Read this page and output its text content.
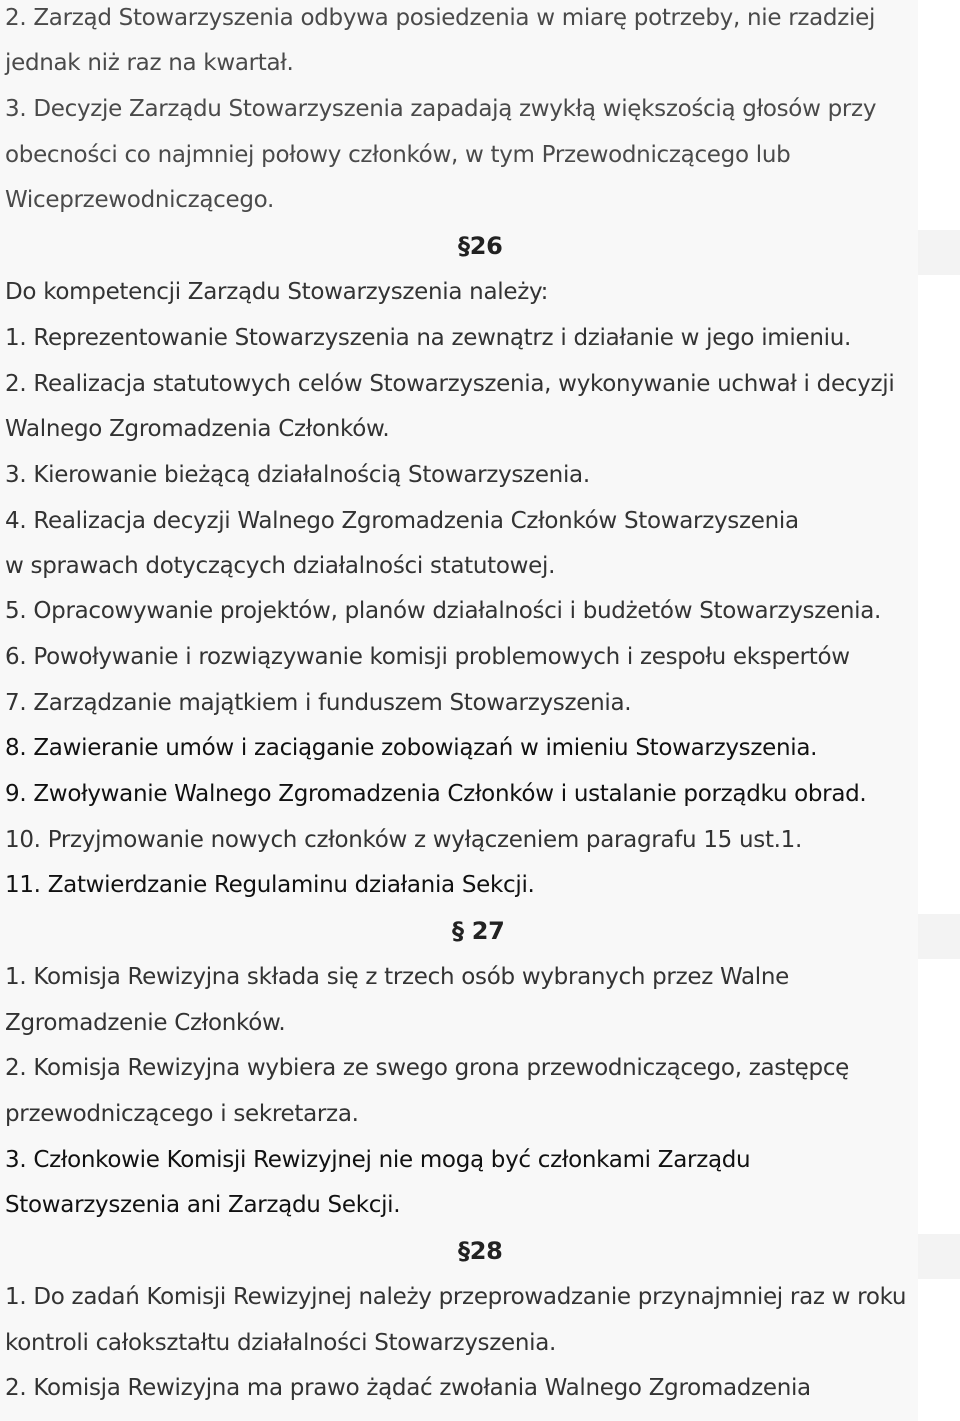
2. Zarząd Stowarzyszenia odbywa posiedzenia w miarę potrzeby, nie rzadziej
jednak niż raz na kwartał.
3. Decyzje Zarządu Stowarzyszenia zapadają zwykłą większością głosów przy
obecności co najmniej połowy członków, w tym Przewodniczącego lub
Wiceprzewodniczącego.
§26
Do kompetencji Zarządu Stowarzyszenia należy:
1. Reprezentowanie Stowarzyszenia na zewnątrz i działanie w jego imieniu.
2. Realizacja statutowych celów Stowarzyszenia, wykonywanie uchwał i decyzji
Walnego Zgromadzenia Członków.
3. Kierowanie bieżącą działalnością Stowarzyszenia.
4. Realizacja decyzji Walnego Zgromadzenia Członków Stowarzyszenia
w sprawach dotyczących działalności statutowej.
5. Opracowywanie projektów, planów działalności i budżetów Stowarzyszenia.
6. Powoływanie i rozwiązywanie komisji problemowych i zespołu ekspertów
7. Zarządzanie majątkiem i funduszem Stowarzyszenia.
8. Zawieranie umów i zaciąganie zobowiązań w imieniu Stowarzyszenia.
9. Zwoływanie Walnego Zgromadzenia Członków i ustalanie porządku obrad.
10. Przyjmowanie nowych członków z wyłączeniem paragrafu 15 ust.1.
11. Zatwierdzanie Regulaminu działania Sekcji.
§ 27
1. Komisja Rewizyjna składa się z trzech osób wybranych przez Walne
Zgromadzenie Członków.
2. Komisja Rewizyjna wybiera ze swego grona przewodniczącego, zastępcę
przewodniczącego i sekretarza.
3. Członkowie Komisji Rewizyjnej nie mogą być członkami Zarządu
Stowarzyszenia ani Zarządu Sekcji.
§28
1. Do zadań Komisji Rewizyjnej należy przeprowadzanie przynajmniej raz w roku
kontroli całokształtu działalności Stowarzyszenia.
2. Komisja Rewizyjna ma prawo żądać zwołania Walnego Zgromadzenia
